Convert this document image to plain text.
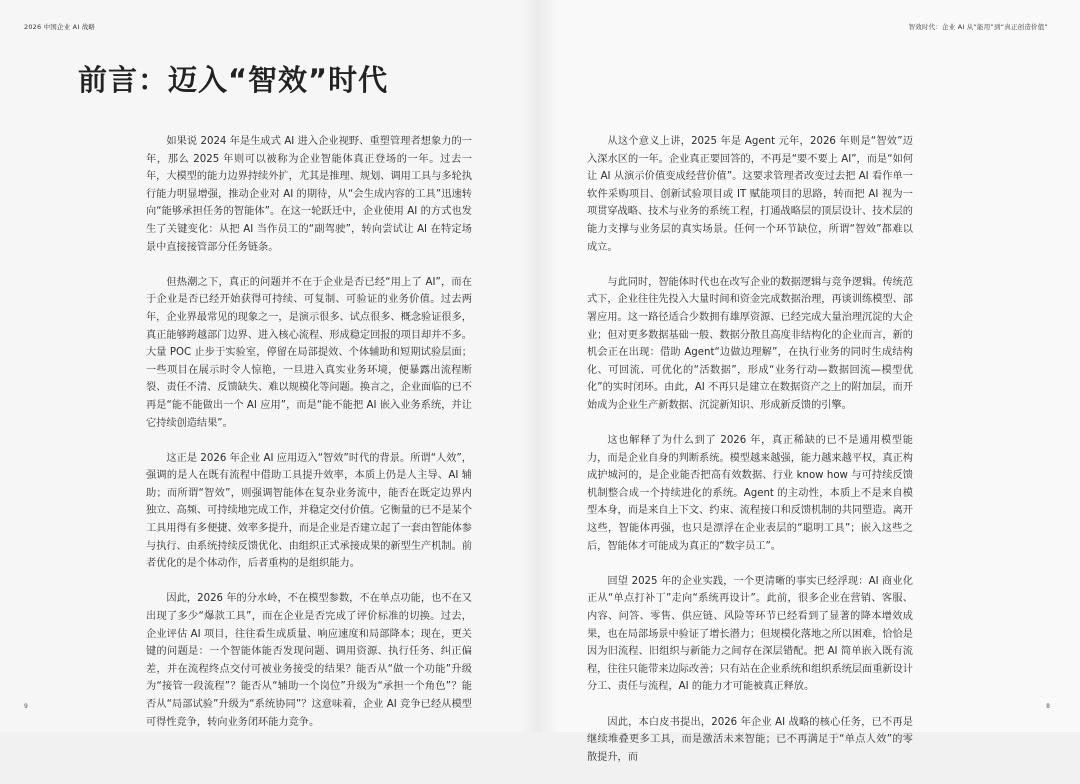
2026 中国企业 AI 战略
前言：迈入“智效”时代

如果说 2024 年是生成式 AI 进入企业视野、重塑管理者想象力的一年，那么 2025 年则可以被称为企业智能体真正登场的一年。过去一年，大模型的能力边界持续外扩，尤其是推理、规划、调用工具与多轮执行能力明显增强，推动企业对 AI 的期待，从“会生成内容的工具”迅速转向“能够承担任务的智能体”。在这一轮跃迁中，企业使用 AI 的方式也发生了关键变化：从把 AI 当作员工的“副驾驶”，转向尝试让 AI 在特定场景中直接接管部分任务链条。

但热潮之下，真正的问题并不在于企业是否已经“用上了 AI”，而在于企业是否已经开始获得可持续、可复制、可验证的业务价值。过去两年，企业界最常见的现象之一，是演示很多、试点很多、概念验证很多，真正能够跨越部门边界、进入核心流程、形成稳定回报的项目却并不多。大量 POC 止步于实验室，停留在局部提效、个体辅助和短期试验层面；一些项目在展示时令人惊艳，一旦进入真实业务环境，便暴露出流程断裂、责任不清、反馈缺失、难以规模化等问题。换言之，企业面临的已不再是“能不能做出一个 AI 应用”，而是“能不能把 AI 嵌入业务系统，并让它持续创造结果”。

这正是 2026 年企业 AI 应用迈入“智效”时代的背景。所谓“人效”，强调的是人在既有流程中借助工具提升效率，本质上仍是人主导、AI 辅助；而所谓“智效”，则强调智能体在复杂业务流中，能否在既定边界内独立、高频、可持续地完成工作，并稳定交付价值。它衡量的已不是某个工具用得有多便捷、效率多提升，而是企业是否建立起了一套由智能体参与执行、由系统持续反馈优化、由组织正式承接成果的新型生产机制。前者优化的是个体动作，后者重构的是组织能力。

因此，2026 年的分水岭，不在模型参数，不在单点功能，也不在又出现了多少“爆款工具”，而在企业是否完成了评价标准的切换。过去，企业评估 AI 项目，往往看生成质量、响应速度和局部降本；现在，更关键的问题是：一个智能体能否发现问题、调用资源、执行任务、纠正偏差，并在流程终点交付可被业务接受的结果？能否从“做一个功能”升级为“接管一段流程”？能否从“辅助一个岗位”升级为“承担一个角色”？能否从“局部试验”升级为“系统协同”？这意味着，企业 AI 竞争已经从模型可得性竞争，转向业务闭环能力竞争。

9
智效时代：企业 AI 从“能用”到“真正创造价值”

从这个意义上讲，2025 年是 Agent 元年，2026 年则是“智效”迈入深水区的一年。企业真正要回答的，不再是“要不要上 AI”，而是“如何让 AI 从演示价值变成经营价值”。这要求管理者改变过去把 AI 看作单一软件采购项目、创新试验项目或 IT 赋能项目的思路，转而把 AI 视为一项贯穿战略、技术与业务的系统工程，打通战略层的顶层设计、技术层的能力支撑与业务层的真实场景。任何一个环节缺位，所谓“智效”都难以成立。

与此同时，智能体时代也在改写企业的数据逻辑与竞争逻辑。传统范式下，企业往往先投入大量时间和资金完成数据治理，再谈训练模型、部署应用。这一路径适合少数拥有雄厚资源、已经完成大量治理沉淀的大企业；但对更多数据基础一般、数据分散且高度非结构化的企业而言，新的机会正在出现：借助 Agent“边做边理解”，在执行业务的同时生成结构化、可回流、可优化的“活数据”，形成“业务行动—数据回流—模型优化”的实时闭环。由此，AI 不再只是建立在数据资产之上的附加层，而开始成为企业生产新数据、沉淀新知识、形成新反馈的引擎。

这也解释了为什么到了 2026 年，真正稀缺的已不是通用模型能力，而是企业自身的判断系统。模型越来越强，能力越来越平权，真正构成护城河的，是企业能否把高有效数据、行业 know how 与可持续反馈机制整合成一个持续进化的系统。Agent 的主动性，本质上不是来自模型本身，而是来自上下文、约束、流程接口和反馈机制的共同塑造。离开这些，智能体再强，也只是漂浮在企业表层的“聪明工具”；嵌入这些之后，智能体才可能成为真正的“数字员工”。

回望 2025 年的企业实践，一个更清晰的事实已经浮现：AI 商业化正从“单点打补丁”走向“系统再设计”。此前，很多企业在营销、客服、内容、问答、零售、供应链、风险等环节已经看到了显著的降本增效成果，也在局部场景中验证了增长潜力；但规模化落地之所以困难，恰恰是因为旧流程、旧组织与新能力之间存在深层错配。把 AI 简单嵌入既有流程，往往只能带来边际改善；只有站在企业系统和组织系统层面重新设计分工、责任与流程，AI 的能力才可能被真正释放。

因此，本白皮书提出，2026 年企业 AI 战略的核心任务，已不再是继续堆叠更多工具，而是激活未来智能；已不再满足于“单点人效”的零散提升，而

8
